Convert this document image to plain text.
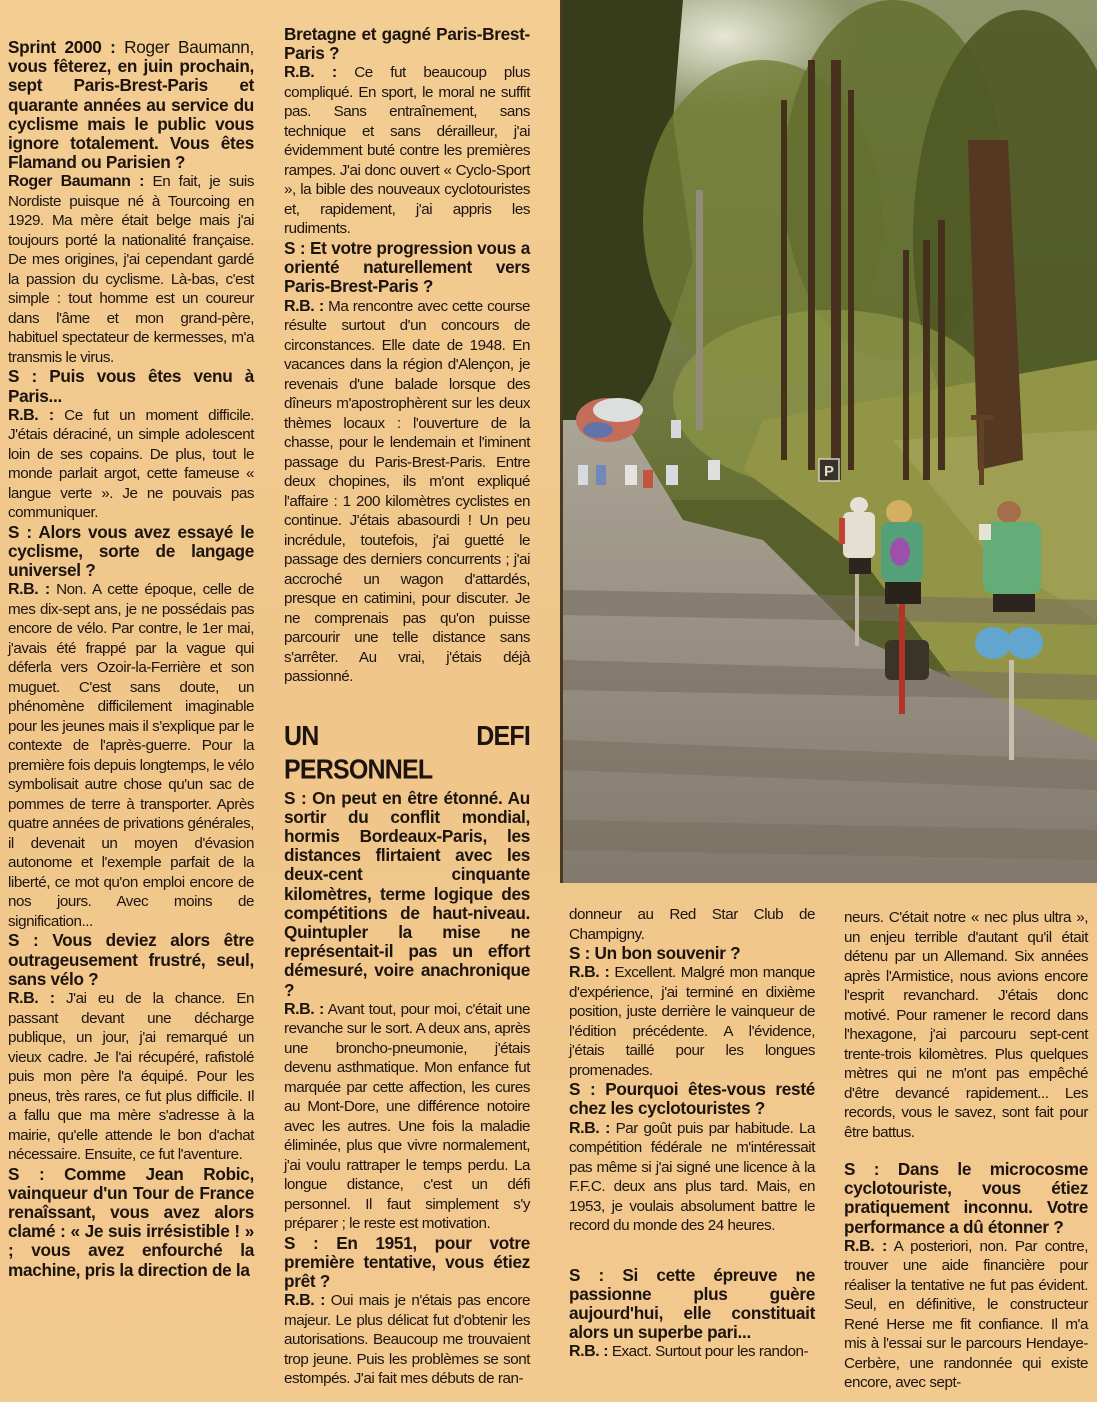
Sprint 2000 : Roger Baumann, vous fêterez, en juin prochain, sept Paris-Brest-Paris et quarante années au service du cyclisme mais le public vous ignore totalement. Vous êtes Flamand ou Parisien ?

Roger Baumann : En fait, je suis Nordiste puisque né à Tourcoing en 1929. Ma mère était belge mais j'ai toujours porté la nationalité française. De mes origines, j'ai cependant gardé la passion du cyclisme. Là-bas, c'est simple : tout homme est un coureur dans l'âme et mon grand-père, habituel spectateur de kermesses, m'a transmis le virus.

S : Puis vous êtes venu à Paris...

R.B. : Ce fut un moment difficile. J'étais déraciné, un simple adolescent loin de ses copains. De plus, tout le monde parlait argot, cette fameuse « langue verte ». Je ne pouvais pas communiquer.

S : Alors vous avez essayé le cyclisme, sorte de langage universel ?

R.B. : Non. A cette époque, celle de mes dix-sept ans, je ne possédais pas encore de vélo. Par contre, le 1er mai, j'avais été frappé par la vague qui déferla vers Ozoir-la-Ferrière et son muguet. C'est sans doute, un phénomène difficilement imaginable pour les jeunes mais il s'explique par le contexte de l'après-guerre. Pour la première fois depuis longtemps, le vélo symbolisait autre chose qu'un sac de pommes de terre à transporter. Après quatre années de privations générales, il devenait un moyen d'évasion autonome et l'exemple parfait de la liberté, ce mot qu'on emploi encore de nos jours. Avec moins de signification...

S : Vous deviez alors être outrageusement frustré, seul, sans vélo ?

R.B. : J'ai eu de la chance. En passant devant une décharge publique, un jour, j'ai remarqué un vieux cadre. Je l'ai récupéré, rafistolé puis mon père l'a équipé. Pour les pneus, très rares, ce fut plus difficile. Il a fallu que ma mère s'adresse à la mairie, qu'elle attende le bon d'achat nécessaire. Ensuite, ce fut l'aventure.

S : Comme Jean Robic, vainqueur d'un Tour de France renaîssant, vous avez alors clamé : « Je suis irrésistible ! » ; vous avez enfourché la machine, pris la direction de la

Bretagne et gagné Paris-Brest-Paris ?

R.B. : Ce fut beaucoup plus compliqué. En sport, le moral ne suffit pas. Sans entraînement, sans technique et sans dérailleur, j'ai évidemment buté contre les premières rampes. J'ai donc ouvert « Cyclo-Sport », la bible des nouveaux cyclotouristes et, rapidement, j'ai appris les rudiments.

S : Et votre progression vous a orienté naturellement vers Paris-Brest-Paris ?

R.B. : Ma rencontre avec cette course résulte surtout d'un concours de circonstances. Elle date de 1948. En vacances dans la région d'Alençon, je revenais d'une balade lorsque des dîneurs m'apostrophèrent sur les deux thèmes locaux : l'ouverture de la chasse, pour le lendemain et l'iminent passage du Paris-Brest-Paris. Entre deux chopines, ils m'ont expliqué l'affaire : 1 200 kilomètres cyclistes en continue. J'étais abasourdi ! Un peu incrédule, toutefois, j'ai guetté le passage des derniers concurrents ; j'ai accroché un wagon d'attardés, presque en catimini, pour discuter. Je ne comprenais pas qu'on puisse parcourir une telle distance sans s'arrêter. Au vrai, j'étais déjà passionné.

UN DEFI PERSONNEL

S : On peut en être étonné. Au sortir du conflit mondial, hormis Bordeaux-Paris, les distances flirtaient avec les deux-cent cinquante kilomètres, terme logique des compétitions de haut-niveau. Quintupler la mise ne représentait-il pas un effort démesuré, voire anachronique ?

R.B. : Avant tout, pour moi, c'était une revanche sur le sort. A deux ans, après une broncho-pneumonie, j'étais devenu asthmatique. Mon enfance fut marquée par cette affection, les cures au Mont-Dore, une différence notoire avec les autres. Une fois la maladie éliminée, plus que vivre normalement, j'ai voulu rattraper le temps perdu. La longue distance, c'est un défi personnel. Il faut simplement s'y préparer ; le reste est motivation.

S : En 1951, pour votre première tentative, vous étiez prêt ?

R.B. : Oui mais je n'étais pas encore majeur. Le plus délicat fut d'obtenir les autorisations. Beaucoup me trouvaient trop jeune. Puis les problèmes se sont estompés. J'ai fait mes débuts de ran-

P

donneur au Red Star Club de Champigny.

S : Un bon souvenir ?

R.B. : Excellent. Malgré mon manque d'expérience, j'ai terminé en dixième position, juste derrière le vainqueur de l'édition précédente. A l'évidence, j'étais taillé pour les longues promenades.

S : Pourquoi êtes-vous resté chez les cyclotouristes ?

R.B. : Par goût puis par habitude. La compétition fédérale ne m'intéressait pas même si j'ai signé une licence à la F.F.C. deux ans plus tard. Mais, en 1953, je voulais absolument battre le record du monde des 24 heures.

S : Si cette épreuve ne passionne plus guère aujourd'hui, elle constituait alors un superbe pari...

R.B. : Exact. Surtout pour les randon-

neurs. C'était notre « nec plus ultra », un enjeu terrible d'autant qu'il était détenu par un Allemand. Six années après l'Armistice, nous avions encore l'esprit revanchard. J'étais donc motivé. Pour ramener le record dans l'hexagone, j'ai parcouru sept-cent trente-trois kilomètres. Plus quelques mètres qui ne m'ont pas empêché d'être devancé rapidement... Les records, vous le savez, sont fait pour être battus.

S : Dans le microcosme cyclotouriste, vous étiez pratiquement inconnu. Votre performance a dû étonner ?

R.B. : A posteriori, non. Par contre, trouver une aide financière pour réaliser la tentative ne fut pas évident. Seul, en définitive, le constructeur René Herse me fit confiance. Il m'a mis à l'essai sur le parcours Hendaye-Cerbère, une randonnée qui existe encore, avec sept-
